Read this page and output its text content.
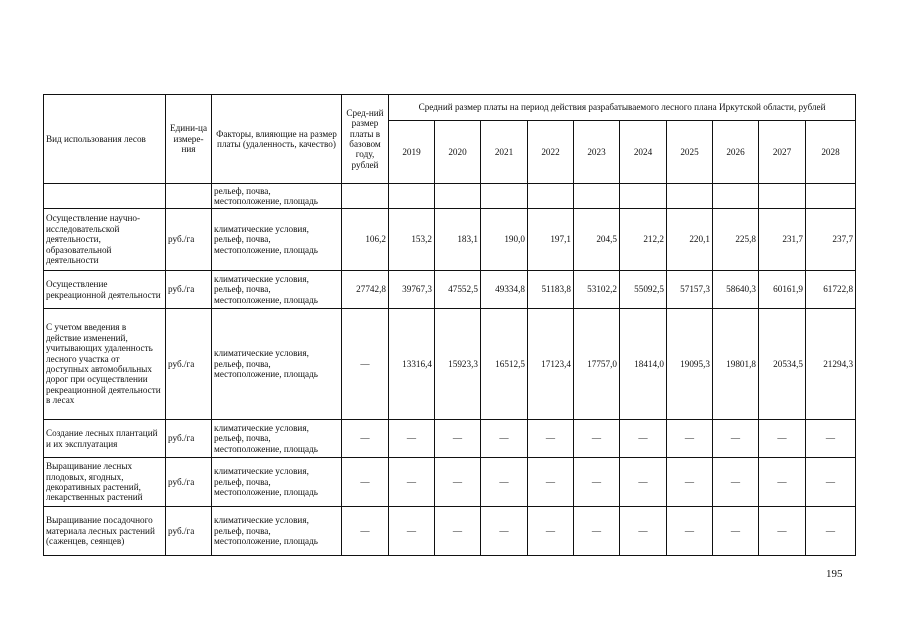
Вид использования лесов	Едини-ца измере-ния	Факторы, влияющие на размер платы (удаленность, качество)	Сред-ний размер платы в базовом году, рублей	Средний размер платы на период действия разрабатываемого лесного плана Иркутской области, рублей									
				2019	2020	2021	2022	2023	2024	2025	2026	2027	2028
		рельеф, почва, местоположение, площадь											
Осуществление научно-исследовательской деятельности, образовательной деятельности	руб./га	климатические условия, рельеф, почва, местоположение, площадь	106,2	153,2	183,1	190,0	197,1	204,5	212,2	220,1	225,8	231,7	237,7
Осуществление рекреационной деятельности	руб./га	климатические условия, рельеф, почва, местоположение, площадь	27742,8	39767,3	47552,5	49334,8	51183,8	53102,2	55092,5	57157,3	58640,3	60161,9	61722,8
С учетом введения в действие изменений, учитывающих удаленность лесного участка от доступных автомобильных дорог при осуществлении рекреационной деятельности в лесах	руб./га	климатические условия, рельеф, почва, местоположение, площадь	—	13316,4	15923,3	16512,5	17123,4	17757,0	18414,0	19095,3	19801,8	20534,5	21294,3
Создание лесных плантаций и их эксплуатация	руб./га	климатические условия, рельеф, почва, местоположение, площадь	—	—	—	—	—	—	—	—	—	—	—
Выращивание лесных плодовых, ягодных, декоративных растений, лекарственных растений	руб./га	климатические условия, рельеф, почва, местоположение, площадь	—	—	—	—	—	—	—	—	—	—	—
Выращивание посадочного материала лесных растений (саженцев, сеянцев)	руб./га	климатические условия, рельеф, почва, местоположение, площадь	—	—	—	—	—	—	—	—	—	—	—
195
